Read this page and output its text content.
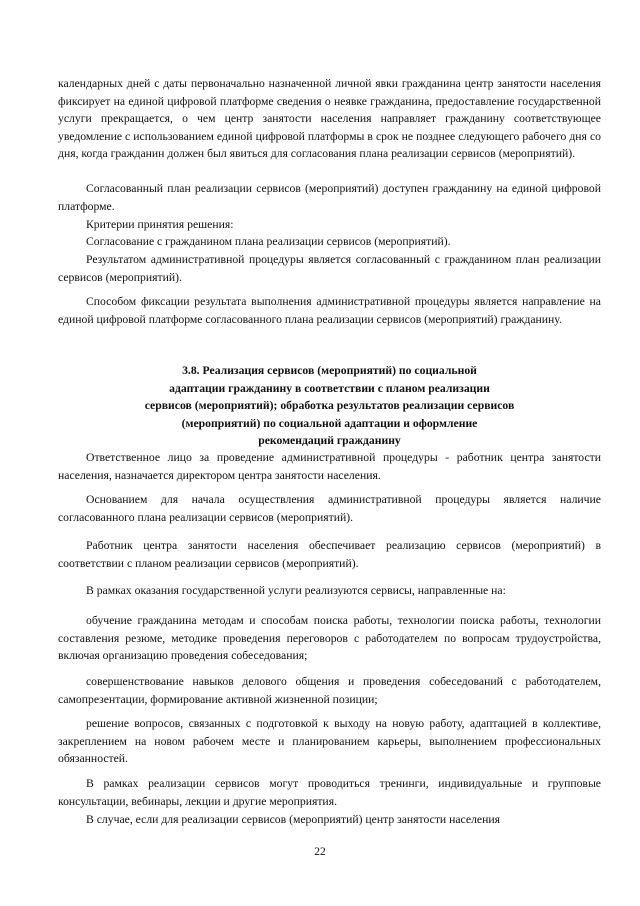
календарных дней с даты первоначально назначенной личной явки гражданина центр занятости населения фиксирует на единой цифровой платформе сведения о неявке гражданина, предоставление государственной услуги прекращается, о чем центр занятости населения направляет гражданину соответствующее уведомление с использованием единой цифровой платформы в срок не позднее следующего рабочего дня со дня, когда гражданин должен был явиться для согласования плана реализации сервисов (мероприятий).

Согласованный план реализации сервисов (мероприятий) доступен гражданину на единой цифровой платформе.

Критерии принятия решения:

Согласование с гражданином плана реализации сервисов (мероприятий).

Результатом административной процедуры является согласованный с гражданином план реализации сервисов (мероприятий).

Способом фиксации результата выполнения административной процедуры является направление на единой цифровой платформе согласованного плана реализации сервисов (мероприятий) гражданину.

3.8. Реализация сервисов (мероприятий) по социальной
адаптации гражданину в соответствии с планом реализации
сервисов (мероприятий); обработка результатов реализации сервисов
(мероприятий) по социальной адаптации и оформление
рекомендаций гражданину

Ответственное лицо за проведение административной процедуры - работник центра занятости населения, назначается директором центра занятости населения.

Основанием для начала осуществления административной процедуры является наличие согласованного плана реализации сервисов (мероприятий).

Работник центра занятости населения обеспечивает реализацию сервисов (мероприятий) в соответствии с планом реализации сервисов (мероприятий).

В рамках оказания государственной услуги реализуются сервисы, направленные на:

обучение гражданина методам и способам поиска работы, технологии поиска работы, технологии составления резюме, методике проведения переговоров с работодателем по вопросам трудоустройства, включая организацию проведения собеседования;

совершенствование навыков делового общения и проведения собеседований с работодателем, самопрезентации, формирование активной жизненной позиции;

решение вопросов, связанных с подготовкой к выходу на новую работу, адаптацией в коллективе, закреплением на новом рабочем месте и планированием карьеры, выполнением профессиональных обязанностей.

В рамках реализации сервисов могут проводиться тренинги, индивидуальные и групповые консультации, вебинары, лекции и другие мероприятия.

В случае, если для реализации сервисов (мероприятий) центр занятости населения

22
